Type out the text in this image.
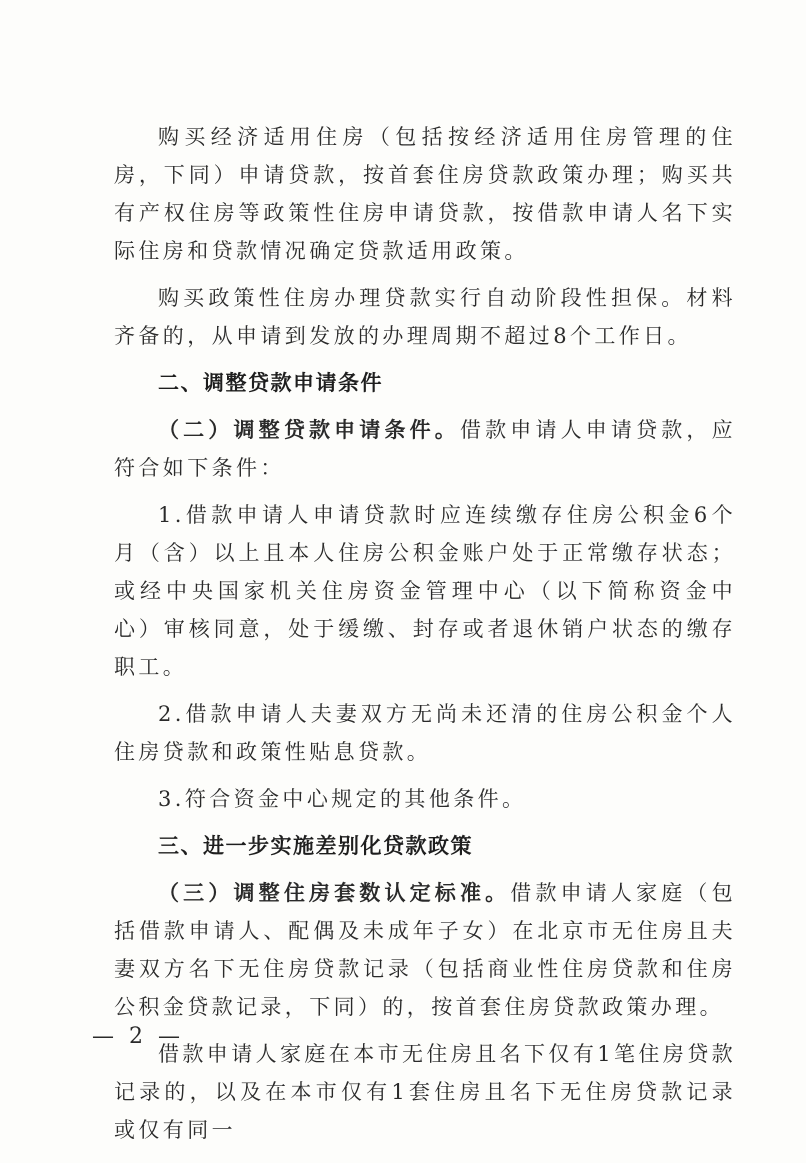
购买经济适用住房（包括按经济适用住房管理的住房，下同）申请贷款，按首套住房贷款政策办理；购买共有产权住房等政策性住房申请贷款，按借款申请人名下实际住房和贷款情况确定贷款适用政策。

购买政策性住房办理贷款实行自动阶段性担保。材料齐备的，从申请到发放的办理周期不超过8个工作日。

二、调整贷款申请条件

（二）调整贷款申请条件。借款申请人申请贷款，应符合如下条件：

1.借款申请人申请贷款时应连续缴存住房公积金6个月（含）以上且本人住房公积金账户处于正常缴存状态；或经中央国家机关住房资金管理中心（以下简称资金中心）审核同意，处于缓缴、封存或者退休销户状态的缴存职工。

2.借款申请人夫妻双方无尚未还清的住房公积金个人住房贷款和政策性贴息贷款。

3.符合资金中心规定的其他条件。

三、进一步实施差别化贷款政策

（三）调整住房套数认定标准。借款申请人家庭（包括借款申请人、配偶及未成年子女）在北京市无住房且夫妻双方名下无住房贷款记录（包括商业性住房贷款和住房公积金贷款记录，下同）的，按首套住房贷款政策办理。

借款申请人家庭在本市无住房且名下仅有1笔住房贷款记录的，以及在本市仅有1套住房且名下无住房贷款记录或仅有同一

— 2 —
